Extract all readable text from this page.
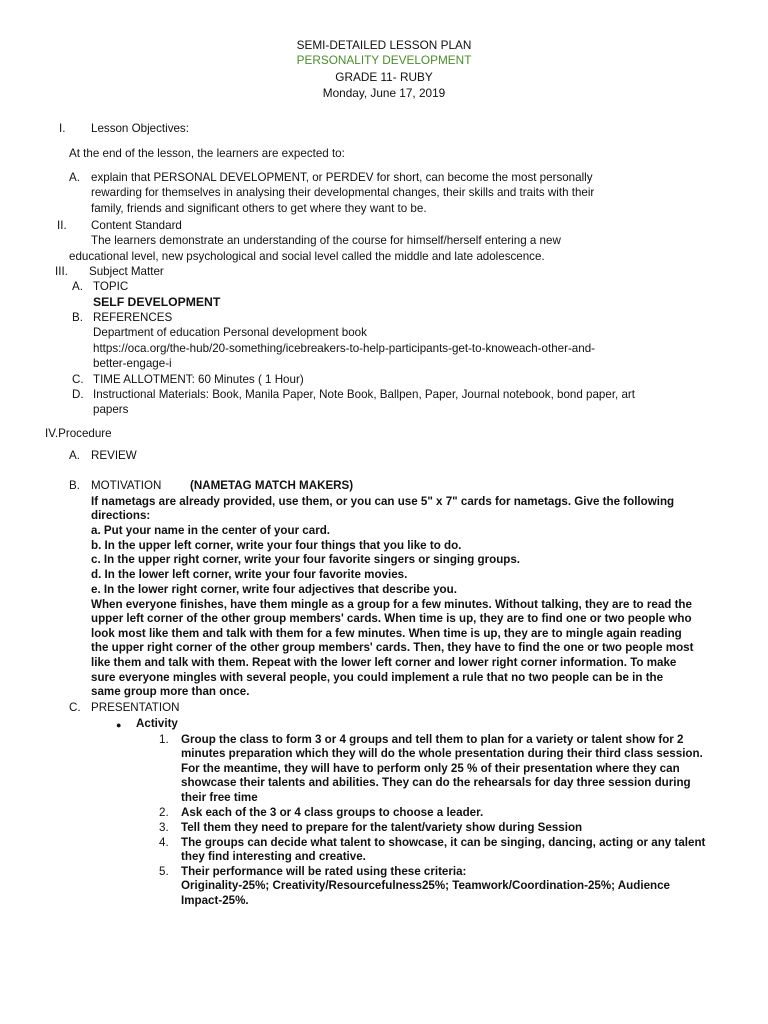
SEMI-DETAILED LESSON PLAN
PERSONALITY DEVELOPMENT
GRADE 11- RUBY
Monday, June 17, 2019
I. Lesson Objectives:
At the end of the lesson, the learners are expected to:
A. explain that PERSONAL DEVELOPMENT, or PERDEV for short, can become the most personally
rewarding for themselves in analysing their developmental changes, their skills and traits with their
family, friends and significant others to get where they want to be.
II. Content Standard
The learners demonstrate an understanding of the course for himself/herself entering a new
educational level, new psychological and social level called the middle and late adolescence.
III. Subject Matter
A. TOPIC
SELF DEVELOPMENT
B. REFERENCES
Department of education Personal development book
https://oca.org/the-hub/20-something/icebreakers-to-help-participants-get-to-knoweach-other-and-
better-engage-i
C. TIME ALLOTMENT: 60 Minutes ( 1 Hour)
D. Instructional Materials: Book, Manila Paper, Note Book, Ballpen, Paper, Journal notebook, bond paper, art
papers
IV.Procedure
A. REVIEW
B. MOTIVATION (NAMETAG MATCH MAKERS)
If nametags are already provided, use them, or you can use 5" x 7" cards for nametags. Give the following
directions:
a. Put your name in the center of your card.
b. In the upper left corner, write your four things that you like to do.
c. In the upper right corner, write your four favorite singers or singing groups.
d. In the lower left corner, write your four favorite movies.
e. In the lower right corner, write four adjectives that describe you.
When everyone finishes, have them mingle as a group for a few minutes. Without talking, they are to read the
upper left corner of the other group members' cards. When time is up, they are to find one or two people who
look most like them and talk with them for a few minutes. When time is up, they are to mingle again reading
the upper right corner of the other group members' cards. Then, they have to find the one or two people most
like them and talk with them. Repeat with the lower left corner and lower right corner information. To make
sure everyone mingles with several people, you could implement a rule that no two people can be in the
same group more than once.
C. PRESENTATION
● Activity
1. Group the class to form 3 or 4 groups and tell them to plan for a variety or talent show for 2
minutes preparation which they will do the whole presentation during their third class session.
For the meantime, they will have to perform only 25 % of their presentation where they can
showcase their talents and abilities. They can do the rehearsals for day three session during
their free time
2. Ask each of the 3 or 4 class groups to choose a leader.
3. Tell them they need to prepare for the talent/variety show during Session
4. The groups can decide what talent to showcase, it can be singing, dancing, acting or any talent
they find interesting and creative.
5. Their performance will be rated using these criteria:
Originality-25%; Creativity/Resourcefulness25%; Teamwork/Coordination-25%; Audience
Impact-25%.
